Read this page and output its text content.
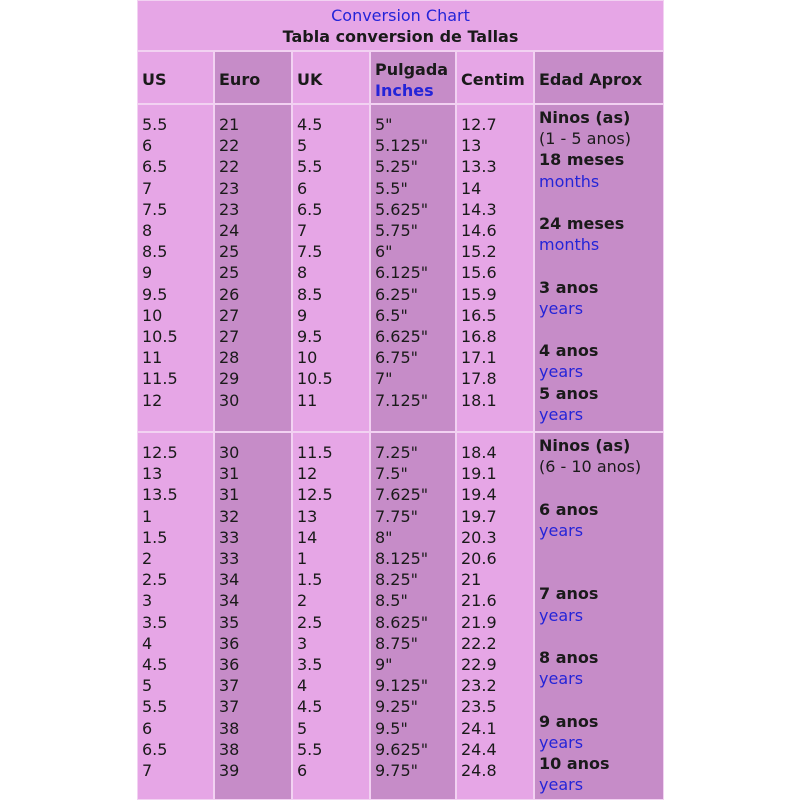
Conversion Chart
Tabla conversion de Tallas
US	Euro	UK
Pulgada
Inches
Centim Edad Aprox
5.5
6
6.5
7
7.5
8
8.5
9
9.5
10
10.5
11
11.5
12
21
22
22
23
23
24
25
25
26
27
27
28
29
30
4.5
5
5.5
6
6.5
7
7.5
8
8.5
9
9.5
10
10.5
11
5"
5.125"
5.25"
5.5"
5.625"
5.75"
6"
6.125"
6.25"
6.5"
6.625"
6.75"
7"
7.125"
12.7
13
13.3
14
14.3
14.6
15.2
15.6
15.9
16.5
16.8
17.1
17.8
18.1
Ninos (as)
(1 - 5 anos)
18 meses
months
24 meses
months
3 anos
years
4 anos
years
5 anos
years
12.5
13
13.5
1
1.5
2
2.5
3
3.5
4
4.5
5
5.5
6
6.5
7
30
31
31
32
33
33
34
34
35
36
36
37
37
38
38
39
11.5
12
12.5
13
14
1
1.5
2
2.5
3
3.5
4
4.5
5
5.5
6
7.25"
7.5"
7.625"
7.75"
8"
8.125"
8.25"
8.5"
8.625"
8.75"
9"
9.125"
9.25"
9.5"
9.625"
9.75"
18.4
19.1
19.4
19.7
20.3
20.6
21
21.6
21.9
22.2
22.9
23.2
23.5
24.1
24.4
24.8
Ninos (as)
(6 - 10 anos)
6 anos
years
7 anos
years
8 anos
years
9 anos
years
10 anos
years
